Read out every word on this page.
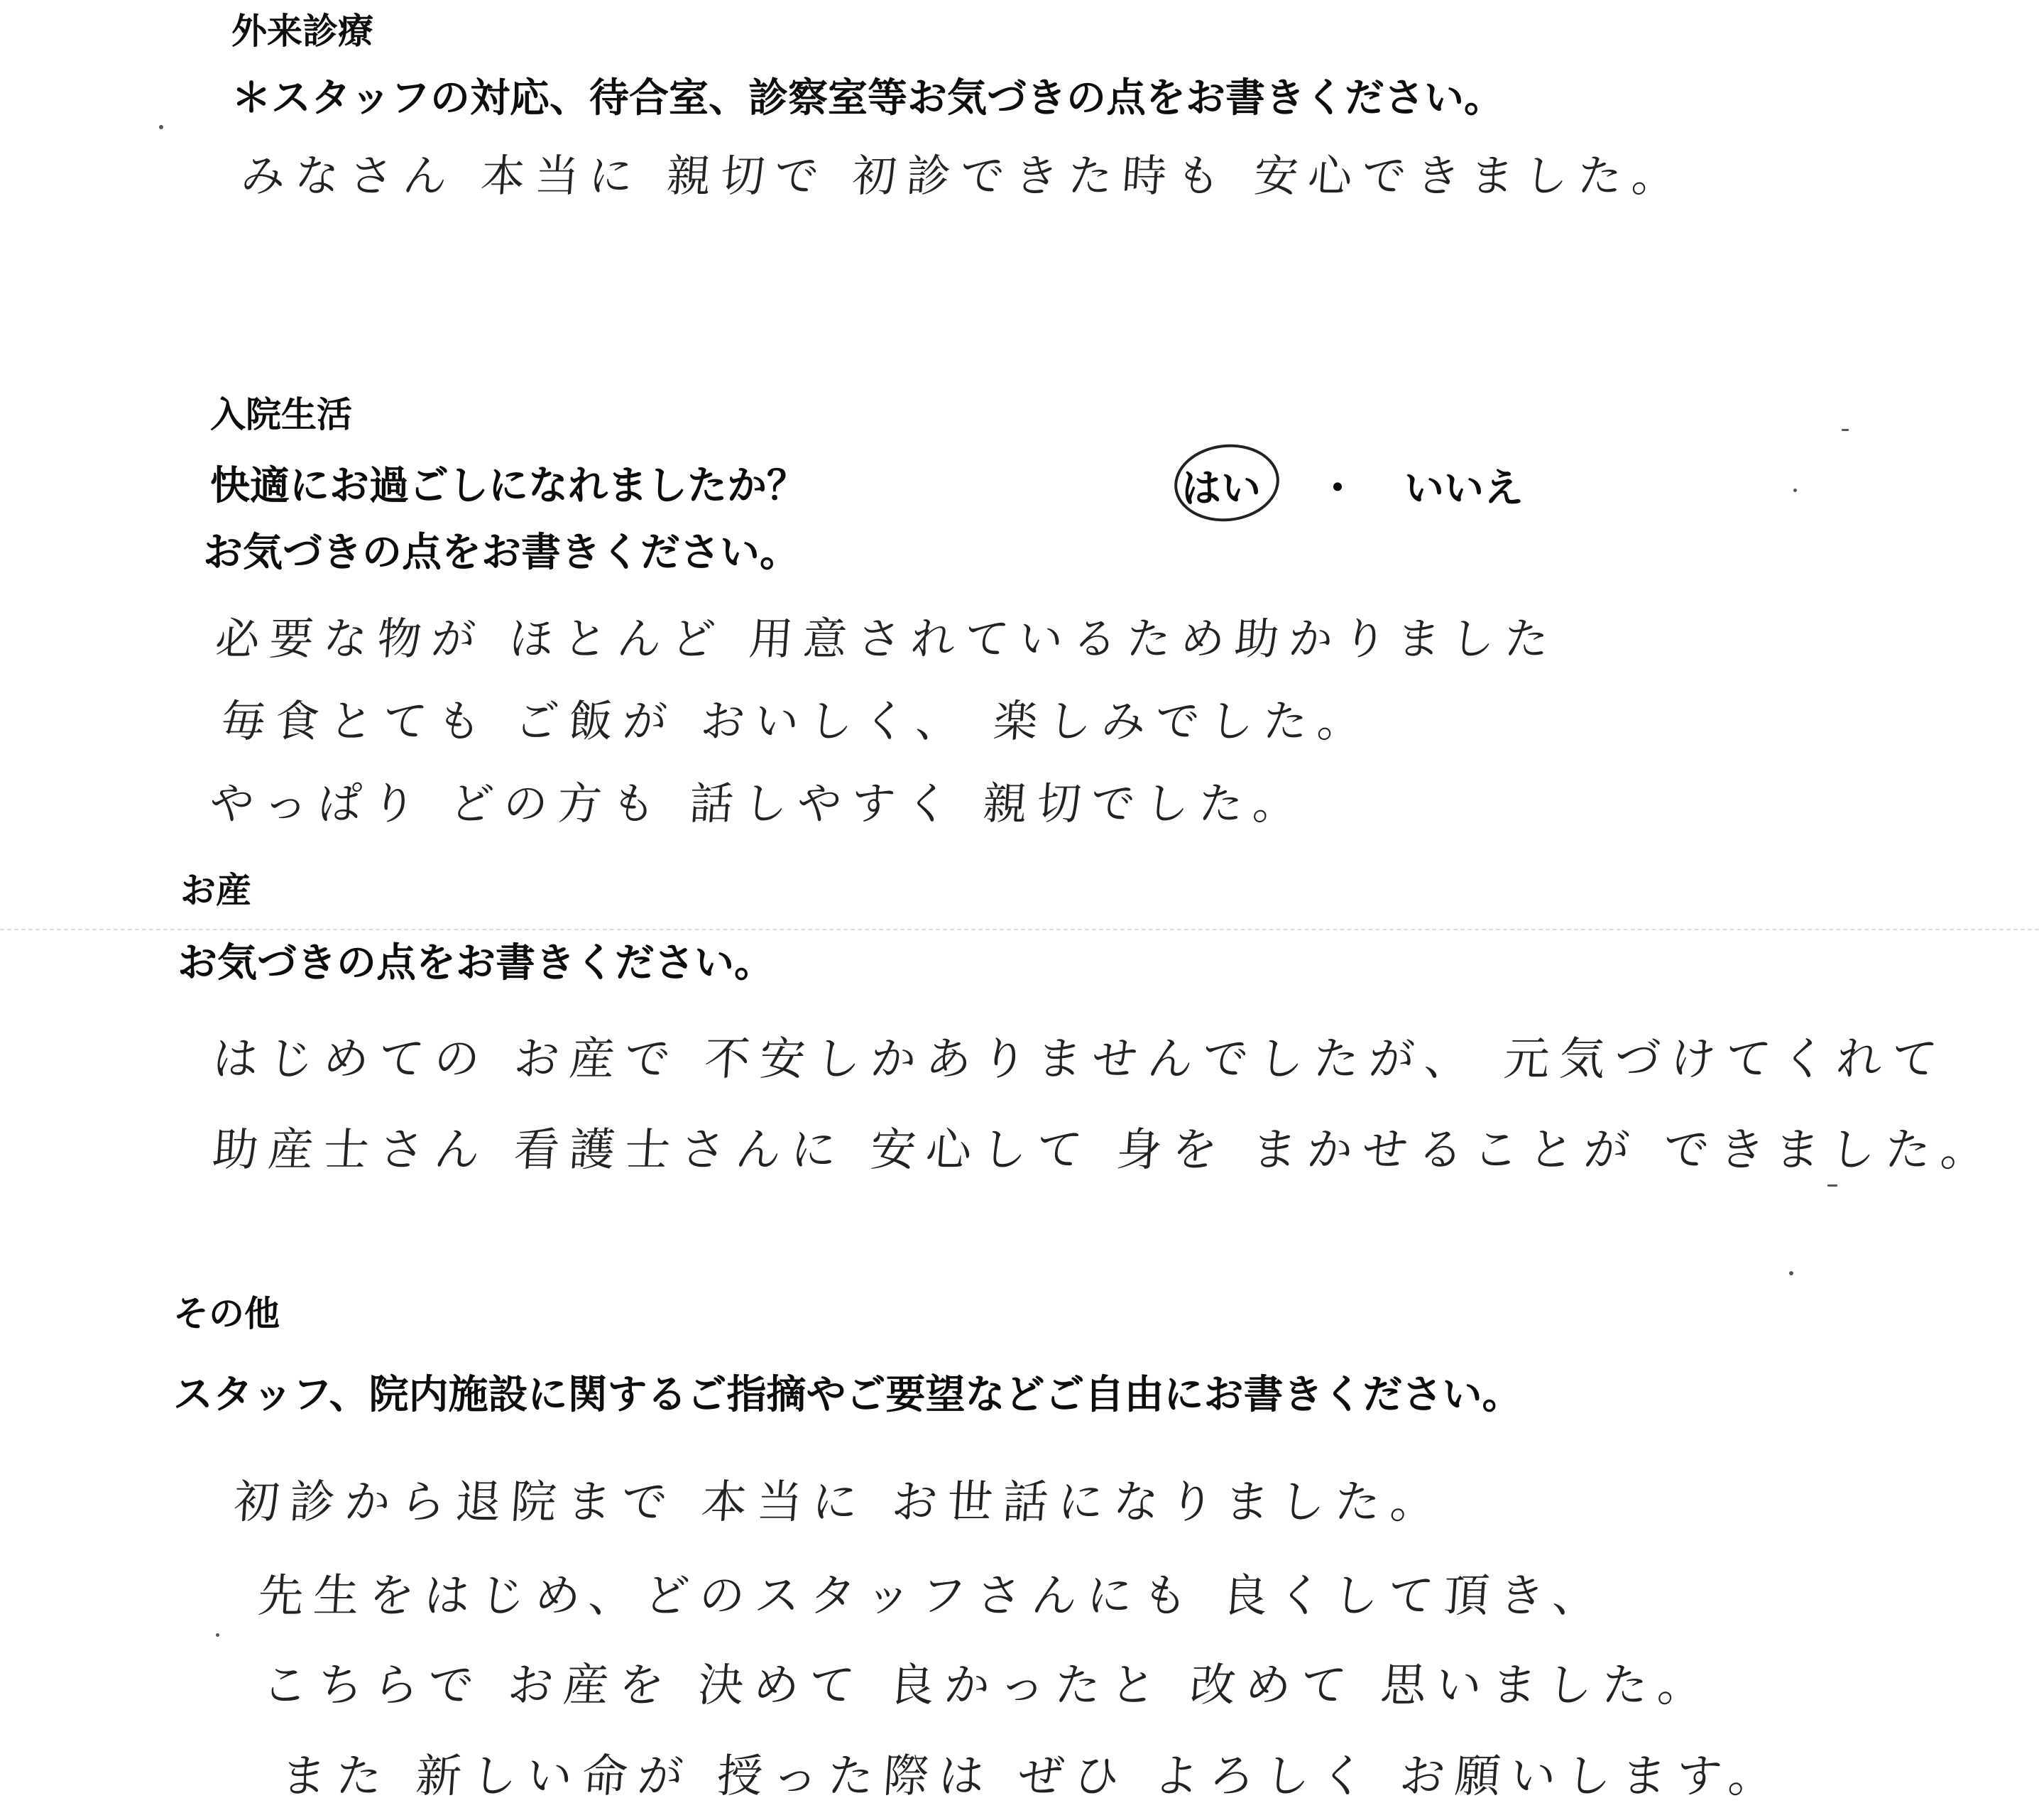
外来診療
＊スタッフの対応、待合室、診察室等お気づきの点をお書きください。
みなさん 本当に 親切で 初診できた時も 安心できました。
入院生活
快適にお過ごしになれましたか？	はい ・ いいえ
お気づきの点をお書きください。
必要な物が ほとんど 用意されているため助かりました
毎食とても ご飯が おいしく、 楽しみでした。
やっぱり どの方も 話しやすく 親切でした。
お産
お気づきの点をお書きください。
はじめての お産で 不安しかありませんでしたが、 元気づけてくれて
助産士さん 看護士さんに 安心して 身を まかせることが できました。
その他
スタッフ、院内施設に関するご指摘やご要望などご自由にお書きください。
初診から退院まで 本当に お世話になりました。
先生をはじめ、どのスタッフさんにも 良くして頂き、
こちらで お産を 決めて 良かったと 改めて 思いました。
また 新しい命が 授った際は ぜひ よろしく お願いします。
